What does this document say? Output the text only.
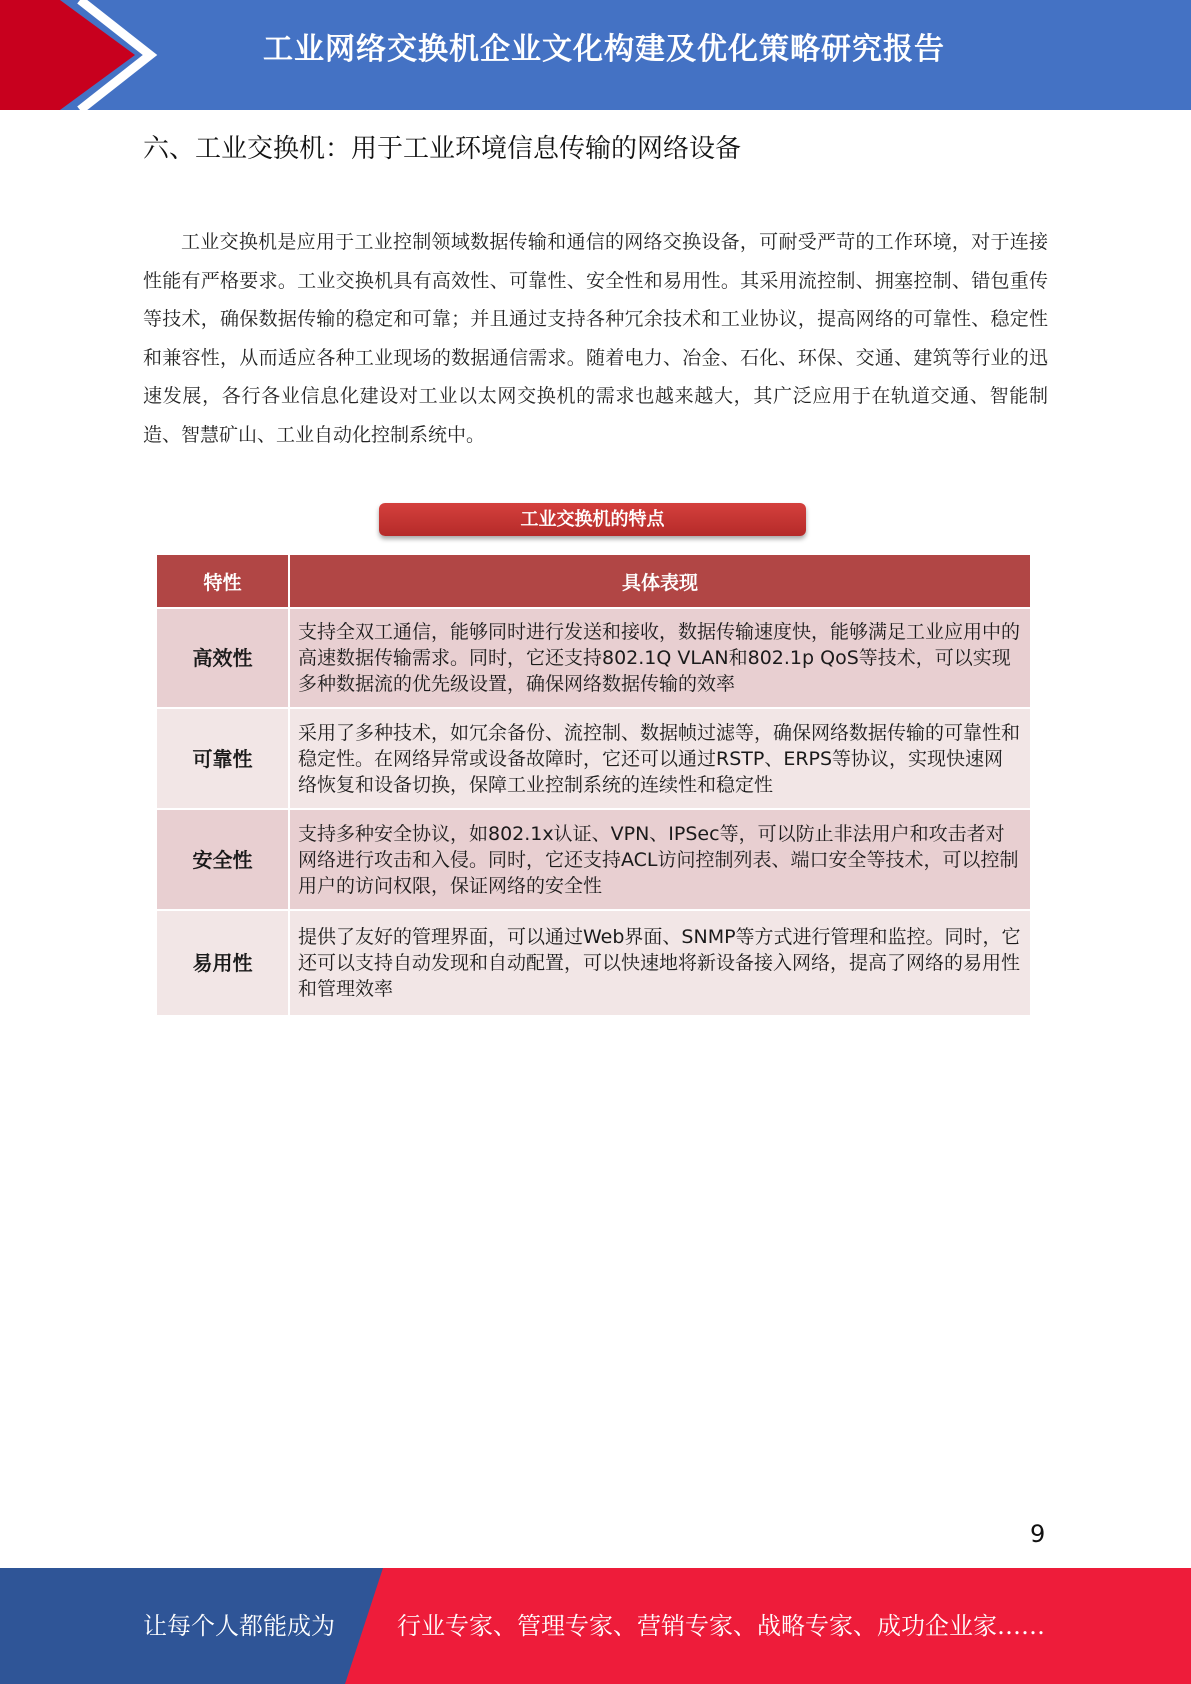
工业网络交换机企业文化构建及优化策略研究报告
六、工业交换机：用于工业环境信息传输的网络设备

工业交换机是应用于工业控制领域数据传输和通信的网络交换设备，可耐受严苛的工作环境，对于连接性能有严格要求。工业交换机具有高效性、可靠性、安全性和易用性。其采用流控制、拥塞控制、错包重传等技术，确保数据传输的稳定和可靠；并且通过支持各种冗余技术和工业协议，提高网络的可靠性、稳定性和兼容性，从而适应各种工业现场的数据通信需求。随着电力、冶金、石化、环保、交通、建筑等行业的迅速发展，各行各业信息化建设对工业以太网交换机的需求也越来越大，其广泛应用于在轨道交通、智能制造、智慧矿山、工业自动化控制系统中。

工业交换机的特点
特性	具体表现
高效性	支持全双工通信，能够同时进行发送和接收，数据传输速度快，能够满足工业应用中的高速数据传输需求。同时，它还支持802.1Q VLAN和802.1p QoS等技术，可以实现多种数据流的优先级设置，确保网络数据传输的效率
可靠性	采用了多种技术，如冗余备份、流控制、数据帧过滤等，确保网络数据传输的可靠性和稳定性。在网络异常或设备故障时，它还可以通过RSTP、ERPS等协议，实现快速网络恢复和设备切换，保障工业控制系统的连续性和稳定性
安全性	支持多种安全协议，如802.1x认证、VPN、IPSec等，可以防止非法用户和攻击者对网络进行攻击和入侵。同时，它还支持ACL访问控制列表、端口安全等技术，可以控制用户的访问权限，保证网络的安全性
易用性	提供了友好的管理界面，可以通过Web界面、SNMP等方式进行管理和监控。同时，它还可以支持自动发现和自动配置，可以快速地将新设备接入网络，提高了网络的易用性和管理效率
9
让每个人都能成为	行业专家、管理专家、营销专家、战略专家、成功企业家……
